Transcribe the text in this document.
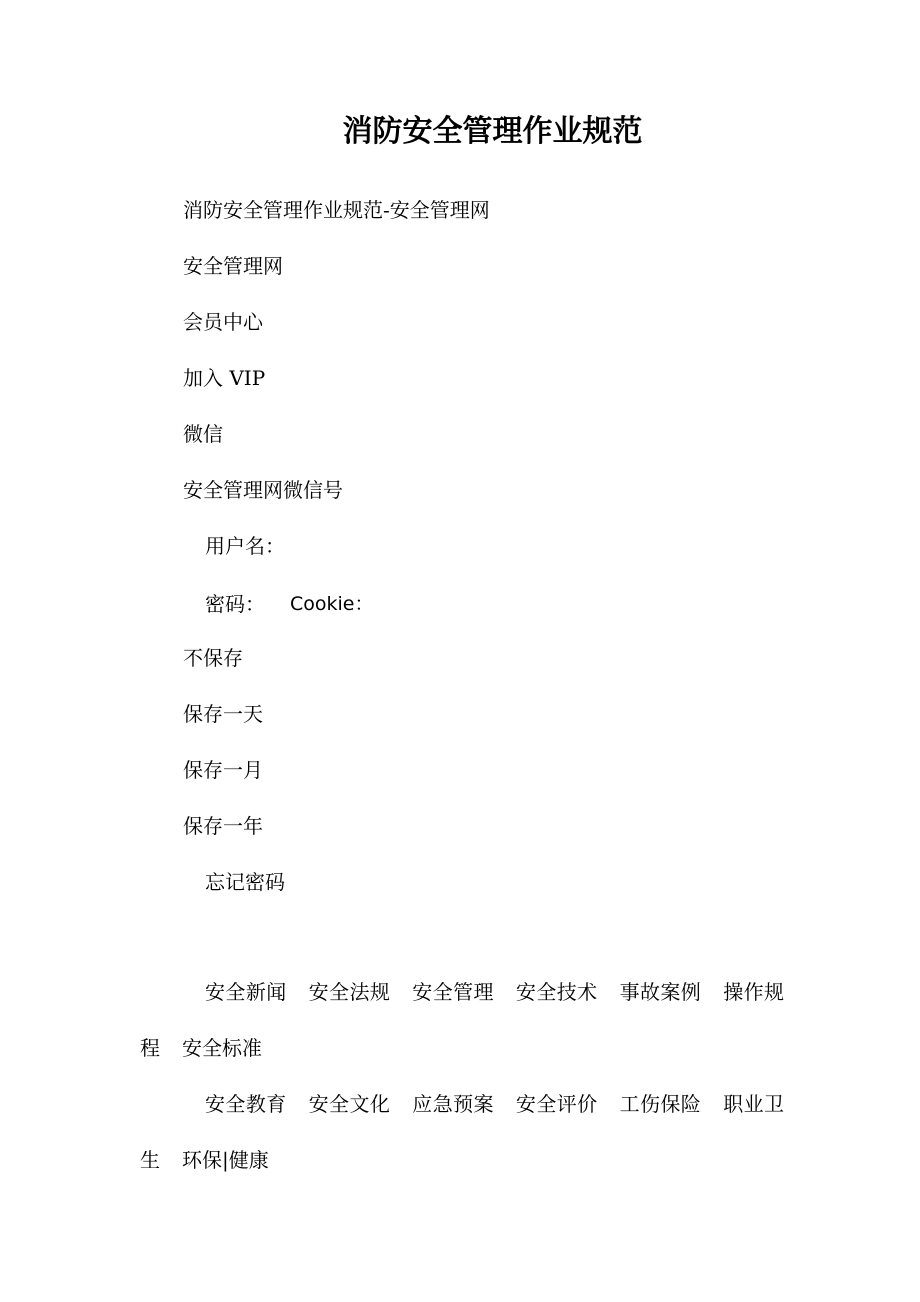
消防安全管理作业规范
消防安全管理作业规范-安全管理网
安全管理网
会员中心
加入 VIP
微信
安全管理网微信号
用户名：
密码： Cookie：
不保存
保存一天
保存一月
保存一年
忘记密码
安全新闻 安全法规 安全管理 安全技术 事故案例 操作规程 安全标准
安全教育 安全文化 应急预案 安全评价 工伤保险 职业卫生 环保|健康
